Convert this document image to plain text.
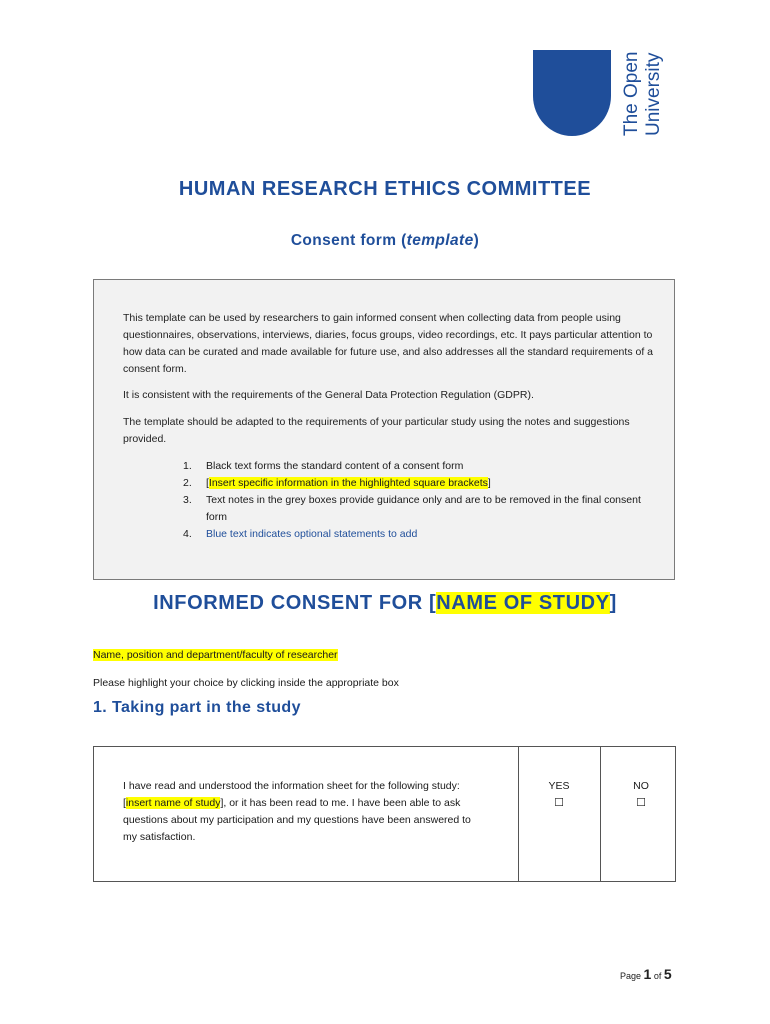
The Open University
HUMAN RESEARCH ETHICS COMMITTEE
Consent form (template)
This template can be used by researchers to gain informed consent when collecting data from people using questionnaires, observations, interviews, diaries, focus groups, video recordings, etc. It pays particular attention to how data can be curated and made available for future use, and also addresses all the standard requirements of a consent form.
It is consistent with the requirements of the General Data Protection Regulation (GDPR).
The template should be adapted to the requirements of your particular study using the notes and suggestions provided.
1. Black text forms the standard content of a consent form
2. [Insert specific information in the highlighted square brackets]
3. Text notes in the grey boxes provide guidance only and are to be removed in the final consent form
4. Blue text indicates optional statements to add
INFORMED CONSENT FOR [NAME OF STUDY]
Name, position and department/faculty of researcher
Please highlight your choice by clicking inside the appropriate box
1. Taking part in the study
I have read and understood the information sheet for the following study: [insert name of study], or it has been read to me. I have been able to ask questions about my participation and my questions have been answered to my satisfaction.
YES
☐
NO
☐
Page 1 of 5
